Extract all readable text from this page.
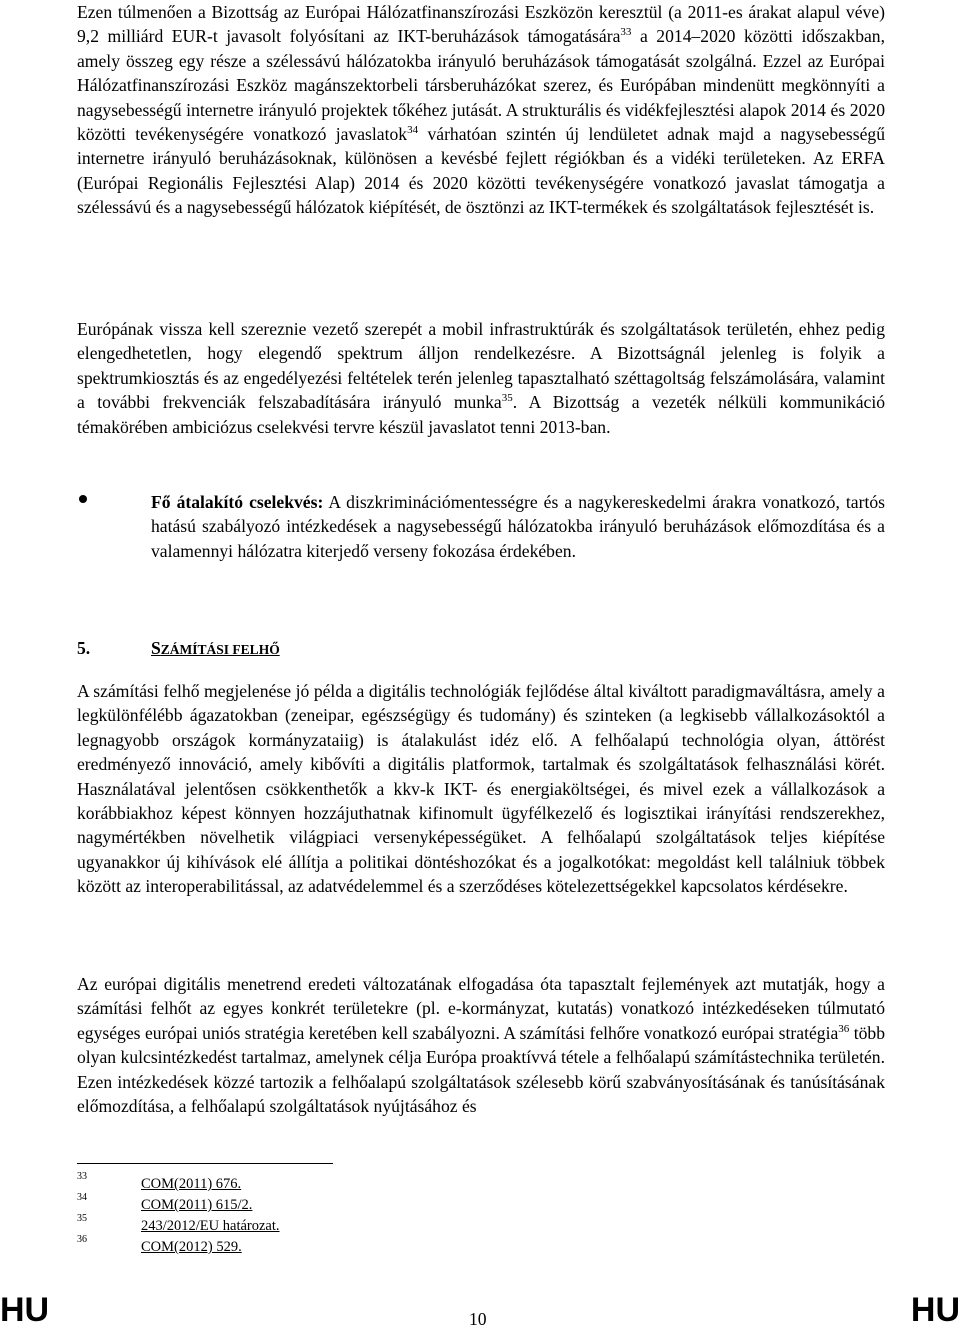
Ezen túlmenően a Bizottság az Európai Hálózatfinanszírozási Eszközön keresztül (a 2011-es árakat alapul véve) 9,2 milliárd EUR-t javasolt folyósítani az IKT-beruházások támogatására$^{33}$ a 2014–2020 közötti időszakban, amely összeg egy része a szélessávú hálózatokba irányuló beruházások támogatását szolgálná. Ezzel az Európai Hálózatfinanszírozási Eszköz magánszektorbeli társberuházókat szerez, és Európában mindenütt megkönnyíti a nagysebességű internetre irányuló projektek tőkéhez jutását. A strukturális és vidékfejlesztési alapok 2014 és 2020 közötti tevékenységére vonatkozó javaslatok$^{34}$ várhatóan szintén új lendületet adnak majd a nagysebességű internetre irányuló beruházásoknak, különösen a kevésbé fejlett régiókban és a vidéki területeken. Az ERFA (Európai Regionális Fejlesztési Alap) 2014 és 2020 közötti tevékenységére vonatkozó javaslat támogatja a szélessávú és a nagysebességű hálózatok kiépítését, de ösztönzi az IKT-termékek és szolgáltatások fejlesztését is.

Európának vissza kell szereznie vezető szerepét a mobil infrastruktúrák és szolgáltatások területén, ehhez pedig elengedhetetlen, hogy elegendő spektrum álljon rendelkezésre. A Bizottságnál jelenleg is folyik a spektrumkiosztás és az engedélyezési feltételek terén jelenleg tapasztalható széttagoltság felszámolására, valamint a további frekvenciák felszabadítására irányuló munka$^{35}$. A Bizottság a vezeték nélküli kommunikáció témakörében ambiciózus cselekvési tervre készül javaslatot tenni 2013-ban.

Fő átalakító cselekvés: A diszkriminációmentességre és a nagykereskedelmi árakra vonatkozó, tartós hatású szabályozó intézkedések a nagysebességű hálózatokba irányuló beruházások előmozdítása és a valamennyi hálózatra kiterjedő verseny fokozása érdekében.

5.	SZÁMÍTÁSI FELHŐ

A számítási felhő megjelenése jó példa a digitális technológiák fejlődése által kiváltott paradigmaváltásra, amely a legkülönfélébb ágazatokban (zeneipar, egészségügy és tudomány) és szinteken (a legkisebb vállalkozásoktól a legnagyobb országok kormányzataiig) is átalakulást idéz elő. A felhőalapú technológia olyan, áttörést eredményező innováció, amely kibővíti a digitális platformok, tartalmak és szolgáltatások felhasználási körét. Használatával jelentősen csökkenthetők a kkv-k IKT- és energiaköltségei, és mivel ezek a vállalkozások a korábbiakhoz képest könnyen hozzájuthatnak kifinomult ügyfélkezelő és logisztikai irányítási rendszerekhez, nagymértékben növelhetik világpiaci versenyképességüket. A felhőalapú szolgáltatások teljes kiépítése ugyanakkor új kihívások elé állítja a politikai döntéshozókat és a jogalkotókat: megoldást kell találniuk többek között az interoperabilitással, az adatvédelemmel és a szerződéses kötelezettségekkel kapcsolatos kérdésekre.

Az európai digitális menetrend eredeti változatának elfogadása óta tapasztalt fejlemények azt mutatják, hogy a számítási felhőt az egyes konkrét területekre (pl. e-kormányzat, kutatás) vonatkozó intézkedéseken túlmutató egységes európai uniós stratégia keretében kell szabályozni. A számítási felhőre vonatkozó európai stratégia$^{36}$ több olyan kulcsintézkedést tartalmaz, amelynek célja Európa proaktívvá tétele a felhőalapú számítástechnika területén. Ezen intézkedések közzé tartozik a felhőalapú szolgáltatások szélesebb körű szabványosításának és tanúsításának előmozdítása, a felhőalapú szolgáltatások nyújtásához és

33	COM(2011) 676.
34	COM(2011) 615/2.
35	243/2012/EU határozat.
36	COM(2012) 529.
HU	10	HU
